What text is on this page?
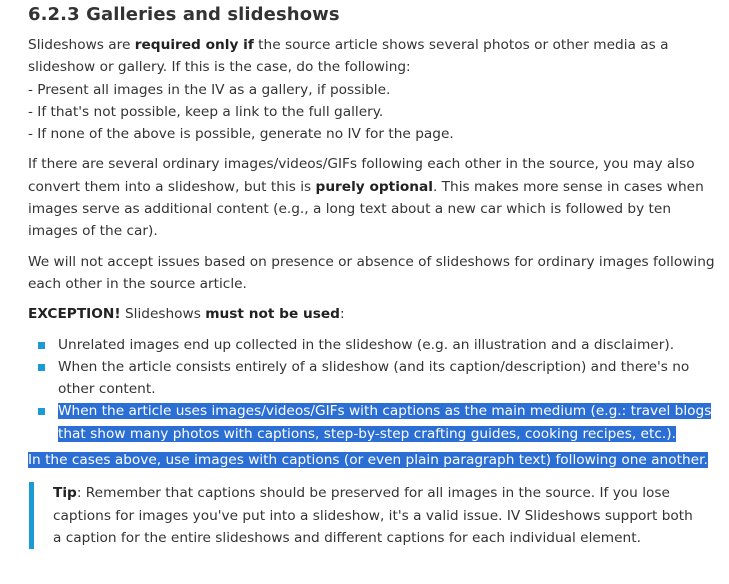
6.2.3 Galleries and slideshows

Slideshows are required only if the source article shows several photos or other media as a
slideshow or gallery. If this is the case, do the following:
- Present all images in the IV as a gallery, if possible.
- If that's not possible, keep a link to the full gallery.
- If none of the above is possible, generate no IV for the page.

If there are several ordinary images/videos/GIFs following each other in the source, you may also
convert them into a slideshow, but this is purely optional. This makes more sense in cases when
images serve as additional content (e.g., a long text about a new car which is followed by ten
images of the car).

We will not accept issues based on presence or absence of slideshows for ordinary images following
each other in the source article.

EXCEPTION! Slideshows must not be used:

Unrelated images end up collected in the slideshow (e.g. an illustration and a disclaimer).
When the article consists entirely of a slideshow (and its caption/description) and there's no
other content.
When the article uses images/videos/GIFs with captions as the main medium (e.g.: travel blogs
that show many photos with captions, step-by-step crafting guides, cooking recipes, etc.).

In the cases above, use images with captions (or even plain paragraph text) following one another.

Tip: Remember that captions should be preserved for all images in the source. If you lose
captions for images you've put into a slideshow, it's a valid issue. IV Slideshows support both
a caption for the entire slideshows and different captions for each individual element.
